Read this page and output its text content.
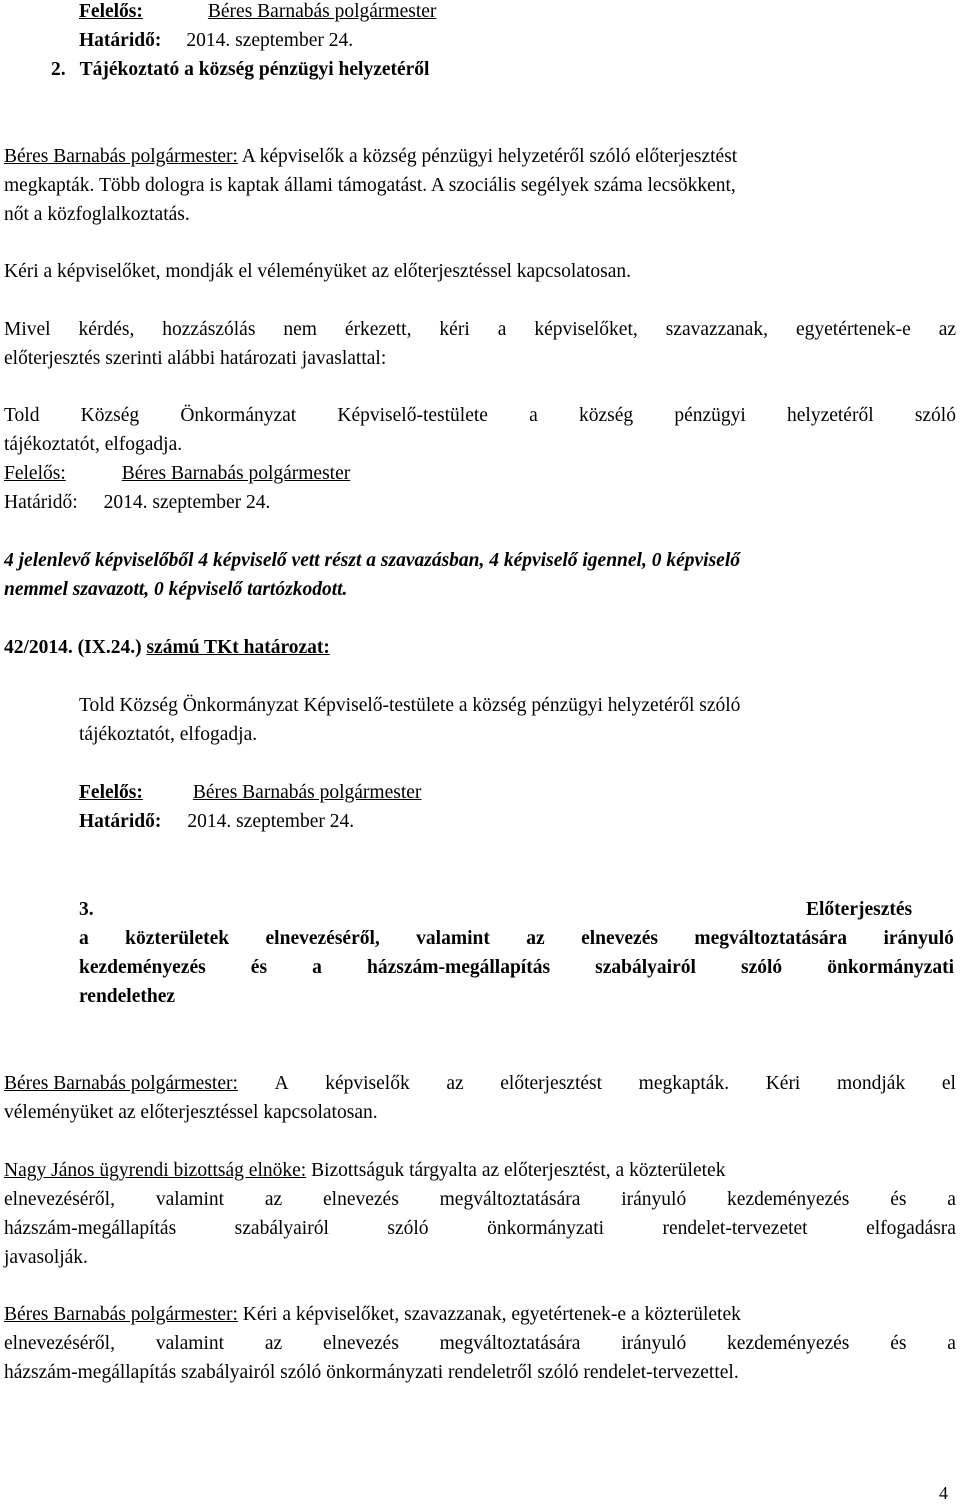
Felelős:	Béres Barnabás polgármester
Határidő: 2014. szeptember 24.
2. Tájékoztató a község pénzügyi helyzetéről
Béres Barnabás polgármester: A képviselők a község pénzügyi helyzetéről szóló előterjesztést
megkapták. Több dologra is kaptak állami támogatást. A szociális segélyek száma lecsökkent,
nőt a közfoglalkoztatás.
Kéri a képviselőket, mondják el véleményüket az előterjesztéssel kapcsolatosan.
Mivel kérdés, hozzászólás nem érkezett, kéri a képviselőket, szavazzanak, egyetértenek-e az
előterjesztés szerinti alábbi határozati javaslattal:
Told Község Önkormányzat Képviselő-testülete a község pénzügyi helyzetéről szóló
tájékoztatót, elfogadja.
Felelős:	Béres Barnabás polgármester
Határidő: 2014. szeptember 24.
4 jelenlevő képviselőből 4 képviselő vett részt a szavazásban, 4 képviselő igennel, 0 képviselő
nemmel szavazott, 0 képviselő tartózkodott.
42/2014. (IX.24.) számú TKt határozat:
Told Község Önkormányzat Képviselő-testülete a község pénzügyi helyzetéről szóló
tájékoztatót, elfogadja.
Felelős:	Béres Barnabás polgármester
Határidő: 2014. szeptember 24.
3.	Előterjesztés
a közterületek elnevezéséről, valamint az elnevezés megváltoztatására irányuló
kezdeményezés és a házszám-megállapítás szabályairól szóló önkormányzati
rendelethez
Béres Barnabás polgármester: A képviselők az előterjesztést megkapták. Kéri mondják el
véleményüket az előterjesztéssel kapcsolatosan.
Nagy János ügyrendi bizottság elnöke: Bizottságuk tárgyalta az előterjesztést, a közterületek
elnevezéséről, valamint az elnevezés megváltoztatására irányuló kezdeményezés és a
házszám-megállapítás	szabályairól	szóló	önkormányzati	rendelet-tervezetet	elfogadásra
javasolják.
Béres Barnabás polgármester: Kéri a képviselőket, szavazzanak, egyetértenek-e a közterületek
elnevezéséről, valamint az elnevezés megváltoztatására irányuló kezdeményezés és a
házszám-megállapítás szabályairól szóló önkormányzati rendeletről szóló rendelet-tervezettel.
4
